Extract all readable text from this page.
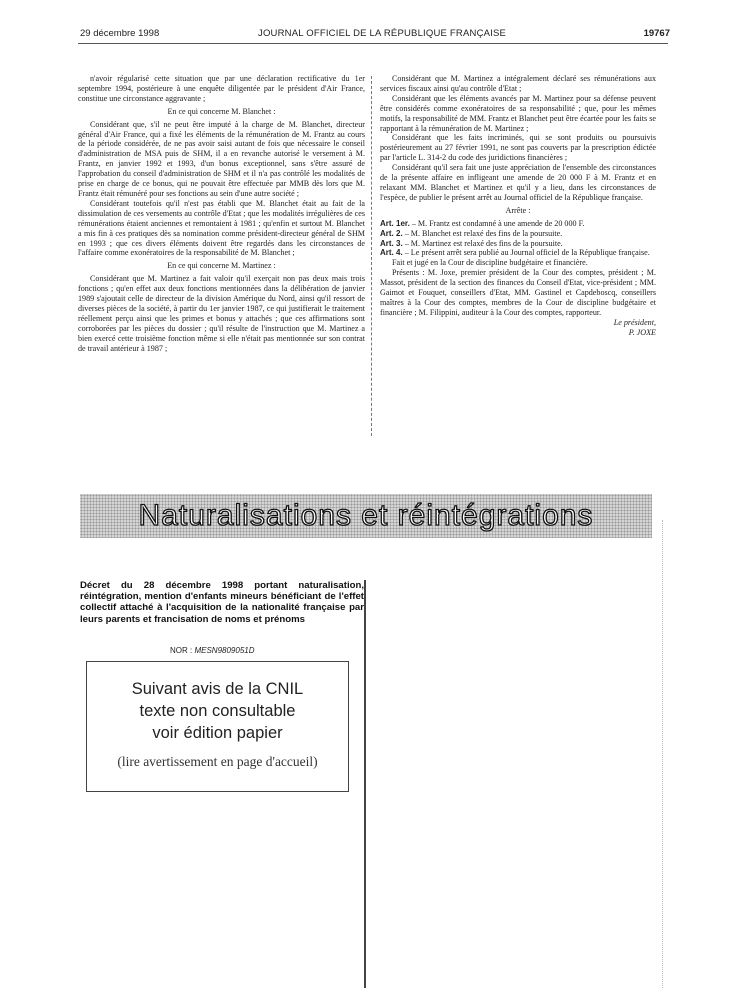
29 décembre 1998	JOURNAL OFFICIEL DE LA RÉPUBLIQUE FRANÇAISE	19767

n'avoir régularisé cette situation que par une déclaration rectificative du 1er septembre 1994, postérieure à une enquête diligentée par le président d'Air France, constitue une circonstance aggravante ;

En ce qui concerne M. Blanchet :

Considérant que, s'il ne peut être imputé à la charge de M. Blanchet, directeur général d'Air France, qui a fixé les éléments de la rémunération de M. Frantz au cours de la période considérée, de ne pas avoir saisi autant de fois que nécessaire le conseil d'administration de MSA puis de SHM, il a en revanche autorisé le versement à M. Frantz, en janvier 1992 et 1993, d'un bonus exceptionnel, sans s'être assuré de l'approbation du conseil d'administration de SHM et il n'a pas contrôlé les modalités de prise en charge de ce bonus, qui ne pouvait être effectuée par MMB dès lors que M. Frantz était rémunéré pour ses fonctions au sein d'une autre société ;

Considérant toutefois qu'il n'est pas établi que M. Blanchet était au fait de la dissimulation de ces versements au contrôle d'Etat ; que les modalités irrégulières de ces rémunérations étaient anciennes et remontaient à 1981 ; qu'enfin et surtout M. Blanchet a mis fin à ces pratiques dès sa nomination comme président-directeur général de SHM en 1993 ; que ces divers éléments doivent être regardés dans les circonstances de l'affaire comme exonératoires de la responsabilité de M. Blanchet ;

En ce qui concerne M. Martinez :

Considérant que M. Martinez a fait valoir qu'il exerçait non pas deux mais trois fonctions ; qu'en effet aux deux fonctions mentionnées dans la délibération de janvier 1989 s'ajoutait celle de directeur de la division Amérique du Nord, ainsi qu'il ressort de diverses pièces de la société, à partir du 1er janvier 1987, ce qui justifierait le traitement réellement perçu ainsi que les primes et bonus y attachés ; que ces affirmations sont corroborées par les pièces du dossier ; qu'il résulte de l'instruction que M. Martinez a bien exercé cette troisième fonction même si elle n'était pas mentionnée sur son contrat de travail antérieur à 1987 ;

Considérant que M. Martinez a intégralement déclaré ses rémunérations aux services fiscaux ainsi qu'au contrôle d'Etat ;

Considérant que les éléments avancés par M. Martinez pour sa défense peuvent être considérés comme exonératoires de sa responsabilité ; que, pour les mêmes motifs, la responsabilité de MM. Frantz et Blanchet peut être écartée pour les faits se rapportant à la rémunération de M. Martinez ;

Considérant que les faits incriminés, qui se sont produits ou poursuivis postérieurement au 27 février 1991, ne sont pas couverts par la prescription édictée par l'article L. 314-2 du code des juridictions financières ;

Considérant qu'il sera fait une juste appréciation de l'ensemble des circonstances de la présente affaire en infligeant une amende de 20 000 F à M. Frantz et en relaxant MM. Blanchet et Martinez et qu'il y a lieu, dans les circonstances de l'espèce, de publier le présent arrêt au Journal officiel de la République française.

Arrête :

Art. 1er. – M. Frantz est condamné à une amende de 20 000 F.

Art. 2. – M. Blanchet est relaxé des fins de la poursuite.

Art. 3. – M. Martinez est relaxé des fins de la poursuite.

Art. 4. – Le présent arrêt sera publié au Journal officiel de la République française.

Fait et jugé en la Cour de discipline budgétaire et financière.

Présents : M. Joxe, premier président de la Cour des comptes, président ; M. Massot, président de la section des finances du Conseil d'Etat, vice-président ; MM. Gaimot et Fouquet, conseillers d'Etat, MM. Gastinel et Capdeboscq, conseillers maîtres à la Cour des comptes, membres de la Cour de discipline budgétaire et financière ; M. Filippini, auditeur à la Cour des comptes, rapporteur.

Le président,

P. JOXE

Naturalisations et réintégrations
Décret du 28 décembre 1998 portant naturalisation, réintégration, mention d'enfants mineurs bénéficiant de l'effet collectif attaché à l'acquisition de la nationalité française par leurs parents et francisation de noms et prénoms
NOR : MESN9809051D
Suivant avis de la CNIL
texte non consultable
voir édition papier
(lire avertissement en page d'accueil)
